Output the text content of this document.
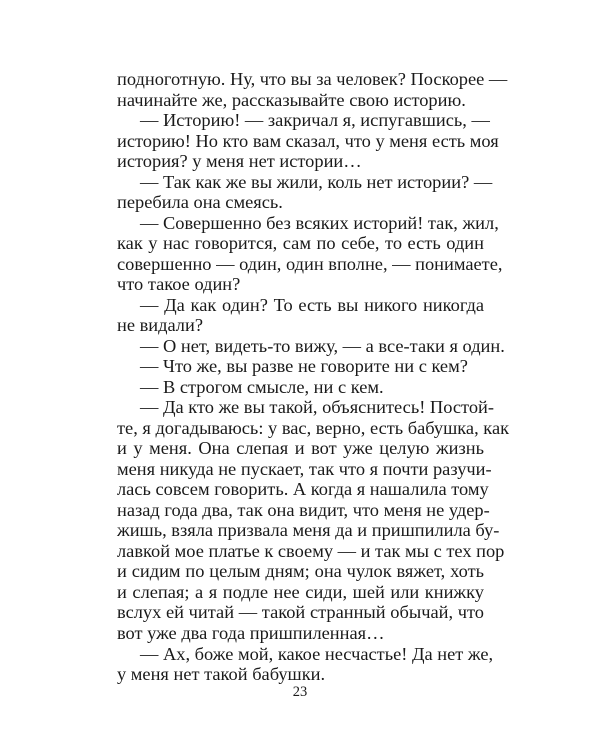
подноготную. Ну, что вы за человек? Поскорее —
начинайте же, рассказывайте свою историю.
— Историю! — закричал я, испугавшись, —
историю! Но кто вам сказал, что у меня есть моя
история? у меня нет истории…
— Так как же вы жили, коль нет истории? —
перебила она смеясь.
— Совершенно без всяких историй! так, жил,
как у нас говорится, сам по себе, то есть один
совершенно — один, один вполне, — понимаете,
что такое один?
— Да как один? То есть вы никого никогда
не видали?
— О нет, видеть-то вижу, — а все-таки я один.
— Что же, вы разве не говорите ни с кем?
— В строгом смысле, ни с кем.
— Да кто же вы такой, объяснитесь! Постой-
те, я догадываюсь: у вас, верно, есть бабушка, как
и у меня. Она слепая и вот уже целую жизнь
меня никуда не пускает, так что я почти разучи-
лась совсем говорить. А когда я нашалила тому
назад года два, так она видит, что меня не удер-
жишь, взяла призвала меня да и пришпилила бу-
лавкой мое платье к своему — и так мы с тех пор
и сидим по целым дням; она чулок вяжет, хоть
и слепая; а я подле нее сиди, шей или книжку
вслух ей читай — такой странный обычай, что
вот уже два года пришпиленная…
— Ах, боже мой, какое несчастье! Да нет же,
у меня нет такой бабушки.
23
